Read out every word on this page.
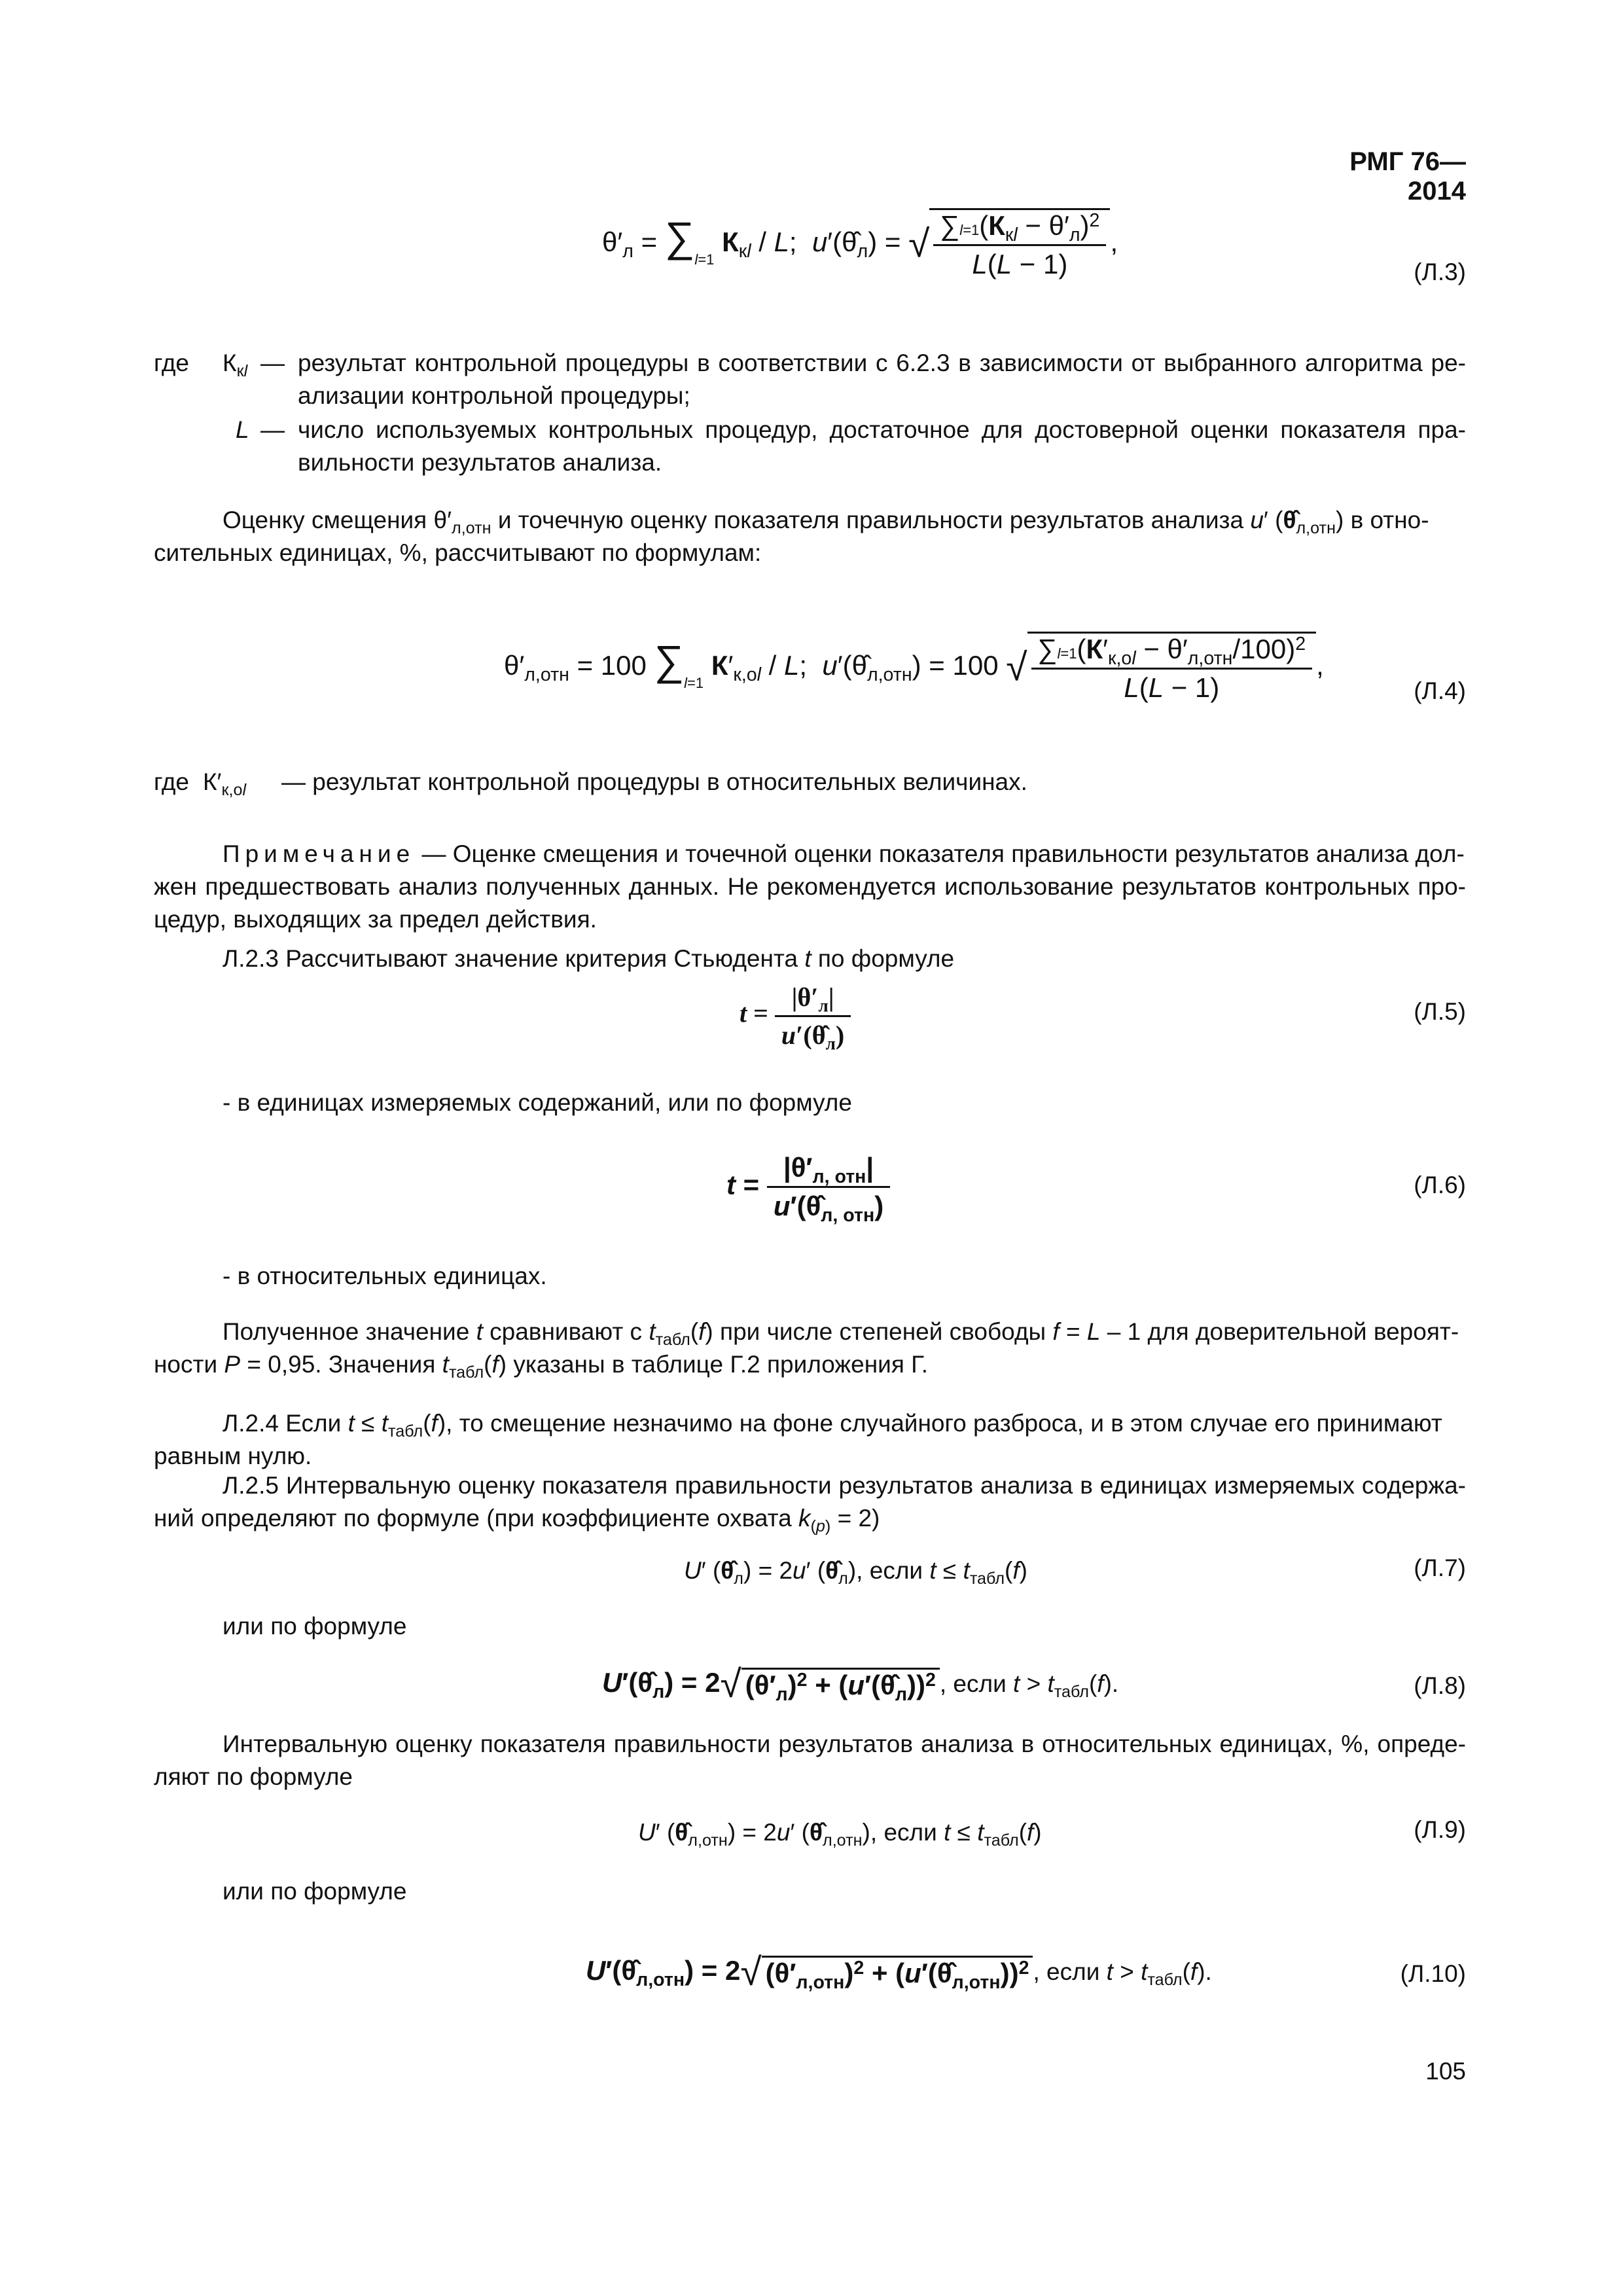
РМГ 76—2014
$\theta'_л = \sum_{l=1}$ $К_{кl}$ / L;  $u'(\thetâ_л)$ = √ $\frac{\sum l=1(К_{кl} - \theta'_л)^2}{L(L - 1)}$ ,
(Л.3)
где $К_{кl}$ — результат контрольной процедуры в соответствии с 6.2.3 в зависимости от выбранного алгоритма ре-
ализации контрольной процедуры;
L — число используемых контрольных процедур, достаточное для достоверной оценки показателя пра-
вильности результатов анализа.
Оценку смещения $\theta'_{л,отн}$ и точечную оценку показателя правильности результатов анализа u′ $(\thetâ_{л,отн})$ в отно-
сительных единицах, %, рассчитывают по формулам:
$\theta'_{л,отн} = 100$ $\sum_{l=1}$ $К'_{к,оl}$ / L;  $u'(\thetâ_{л,отн}) = 100$ √ $\frac{\sum l=1(К'_{к,оl} - \theta'_{л,отн}/100)^2}{L(L - 1)}$ ,
(Л.4)
где $К'_{к,оl}$ — результат контрольной процедуры в относительных величинах.
Примечание — Оценке смещения и точечной оценки показателя правильности результатов анализа дол-
жен предшествовать анализ полученных данных. Не рекомендуется использование результатов контрольных про-
цедур, выходящих за предел действия.
Л.2.3 Рассчитывают значение критерия Стьюдента t по формуле
$t = \frac{|\theta'_л|}{u'(\thetâ_л)}$	(Л.5)
- в единицах измеряемых содержаний, или по формуле
$t = \frac{|\theta'_{л, отн}|}{u'(\thetâ_{л, отн})}$	(Л.6)
- в относительных единицах.
Полученное значение t сравнивают с $t_{табл}(f)$ при числе степеней свободы f = L – 1 для доверительной вероят-
ности P = 0,95. Значения $t_{табл}(f)$ указаны в таблице Г.2 приложения Г.
Л.2.4 Если $t \le t_{табл}(f)$, то смещение незначимо на фоне случайного разброса, и в этом случае его принимают
равным нулю.
Л.2.5 Интервальную оценку показателя правильности результатов анализа в единицах измеряемых содержа-
ний определяют по формуле (при коэффициенте охвата $k_{(p)} = 2$)
U′ $(\thetâ_л) = 2u'$ $(\thetâ_л)$, если $t \le t_{табл}(f)$	(Л.7)
или по формуле
$U'(\thetâ_л) = 2√$ $(\theta'_л)^2$ + $(u'(\thetâ_л))^2$ , если $t > t_{табл}(f)$.	(Л.8)
Интервальную оценку показателя правильности результатов анализа в относительных единицах, %, опреде-
ляют по формуле
U′ $(\thetâ_{л,отн}) = 2u'$ $(\thetâ_{л,отн})$, если $t \le t_{табл}(f)$	(Л.9)
или по формуле
$U'(\thetâ_{л,отн}) = 2√$ $(\theta'_{л,отн})^2$ + $(u'(\thetâ_{л,отн}))^2$ , если $t > t_{табл}(f)$.	(Л.10)
105
